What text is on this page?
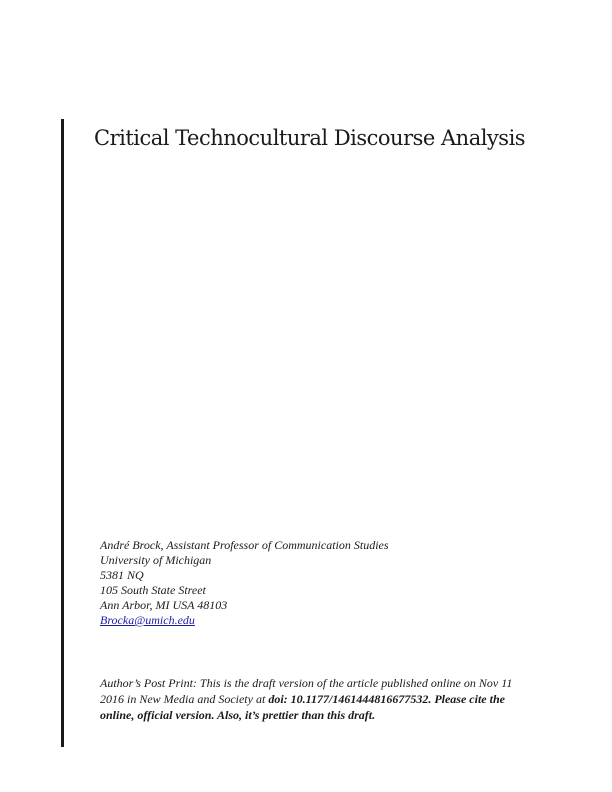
Critical Technocultural Discourse Analysis
André Brock, Assistant Professor of Communication Studies
University of Michigan
5381 NQ
105 South State Street
Ann Arbor, MI USA 48103
Brocka@umich.edu
Author’s Post Print: This is the draft version of the article published online on Nov 11
2016 in New Media and Society at doi: 10.1177/1461444816677532. Please cite the
online, official version. Also, it’s prettier than this draft.
